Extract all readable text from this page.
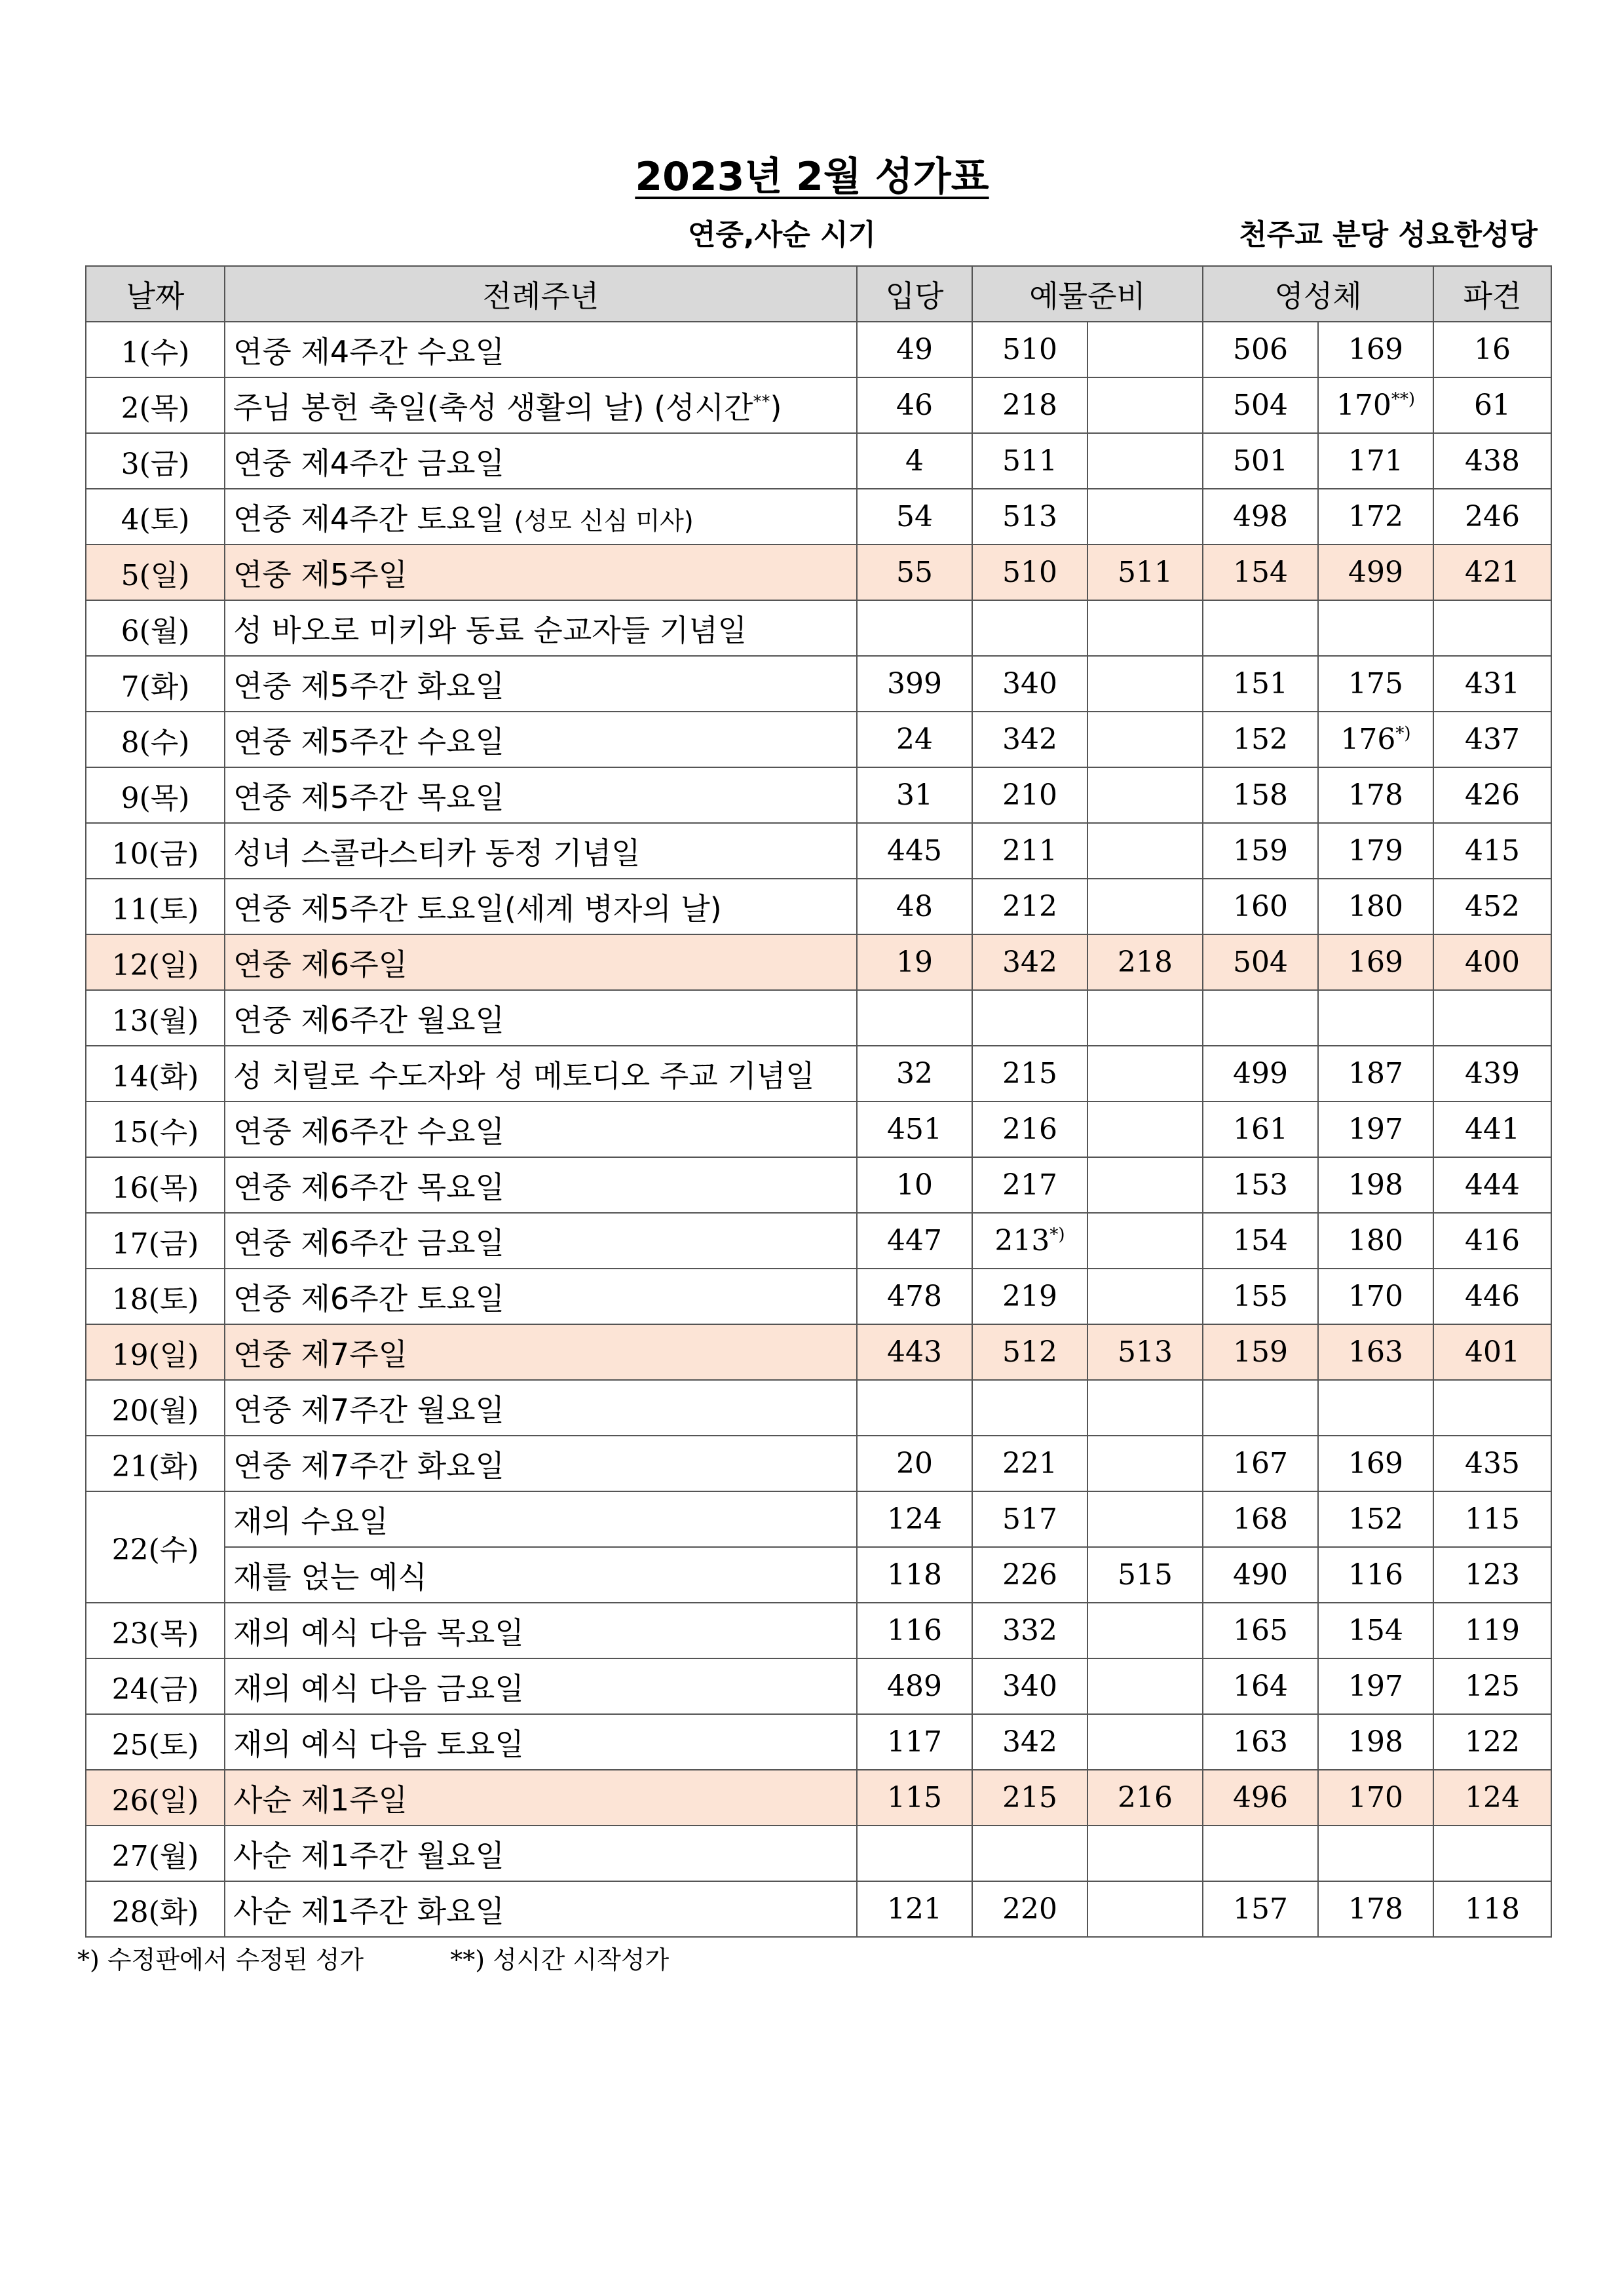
2023년 2월 성가표
연중,사순 시기	천주교 분당 성요한성당
날짜	전례주년	입당	예물준비		영성체		파견
1(수)	연중 제4주간 수요일	49	510		506	169	16
2(목)	주님 봉헌 축일(축성 생활의 날) (성시간**)	46	218		504	170**)	61
3(금)	연중 제4주간 금요일	4	511		501	171	438
4(토)	연중 제4주간 토요일 (성모 신심 미사)	54	513		498	172	246
5(일)	연중 제5주일	55	510	511	154	499	421
6(월)	성 바오로 미키와 동료 순교자들 기념일						
7(화)	연중 제5주간 화요일	399	340		151	175	431
8(수)	연중 제5주간 수요일	24	342		152	176*)	437
9(목)	연중 제5주간 목요일	31	210		158	178	426
10(금)	성녀 스콜라스티카 동정 기념일	445	211		159	179	415
11(토)	연중 제5주간 토요일(세계 병자의 날)	48	212		160	180	452
12(일)	연중 제6주일	19	342	218	504	169	400
13(월)	연중 제6주간 월요일						
14(화)	성 치릴로 수도자와 성 메토디오 주교 기념일	32	215		499	187	439
15(수)	연중 제6주간 수요일	451	216		161	197	441
16(목)	연중 제6주간 목요일	10	217		153	198	444
17(금)	연중 제6주간 금요일	447	213*)		154	180	416
18(토)	연중 제6주간 토요일	478	219		155	170	446
19(일)	연중 제7주일	443	512	513	159	163	401
20(월)	연중 제7주간 월요일						
21(화)	연중 제7주간 화요일	20	221		167	169	435
22(수)	재의 수요일	124	517		168	152	115
	재를 얹는 예식	118	226	515	490	116	123
23(목)	재의 예식 다음 목요일	116	332		165	154	119
24(금)	재의 예식 다음 금요일	489	340		164	197	125
25(토)	재의 예식 다음 토요일	117	342		163	198	122
26(일)	사순 제1주일	115	215	216	496	170	124
27(월)	사순 제1주간 월요일						
28(화)	사순 제1주간 화요일	121	220		157	178	118
*) 수정판에서 수정된 성가	**) 성시간 시작성가
